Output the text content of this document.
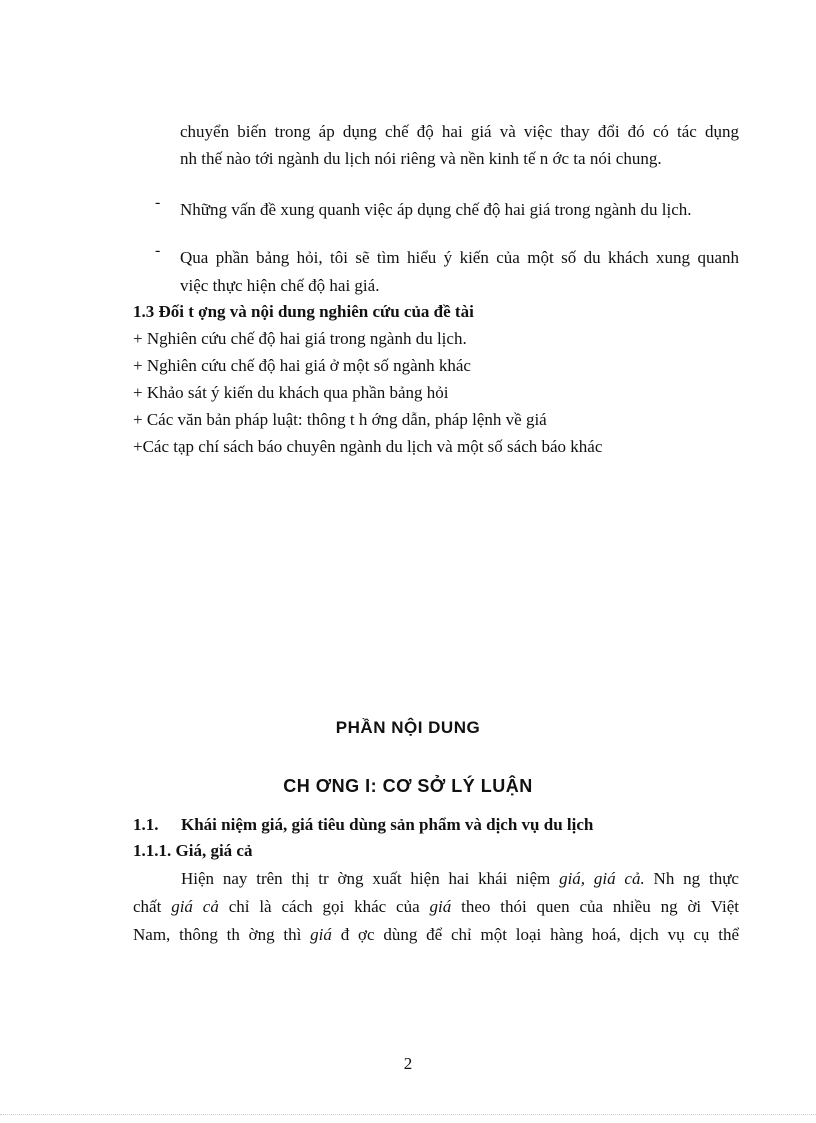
chuyển biến trong áp dụng chế độ hai giá và việc thay đổi đó có tác dụng
nh thế nào tới ngành du lịch nói riêng và nền kinh tế n ớc ta nói chung.
- Những vấn đề xung quanh việc áp dụng chế độ hai giá trong ngành du lịch.
- Qua phần bảng hỏi, tôi sẽ tìm hiểu ý kiến của một số du khách xung quanh
việc thực hiện chế độ hai giá.
1.3 Đối t ợng và nội dung nghiên cứu của đề tài
+ Nghiên cứu chế độ hai giá trong ngành du lịch.
+ Nghiên cứu chế độ hai giá ở một số ngành khác
+ Khảo sát ý kiến du khách qua phần bảng hỏi
+ Các văn bản pháp luật: thông t h ớng dẫn, pháp lệnh về giá
+Các tạp chí sách báo chuyên ngành du lịch và một số sách báo khác
PHẦN NỘI DUNG
CH ƠNG I: CƠ SỞ LÝ LUẬN
1.1. Khái niệm giá, giá tiêu dùng sản phẩm và dịch vụ du lịch
1.1.1. Giá, giá cả
Hiện nay trên thị tr ờng xuất hiện hai khái niệm giá, giá cả. Nh ng thực
chất giá cả chỉ là cách gọi khác của giá theo thói quen của nhiều ng ời Việt
Nam, thông th ờng thì giá đ ợc dùng để chỉ một loại hàng hoá, dịch vụ cụ thể
2
